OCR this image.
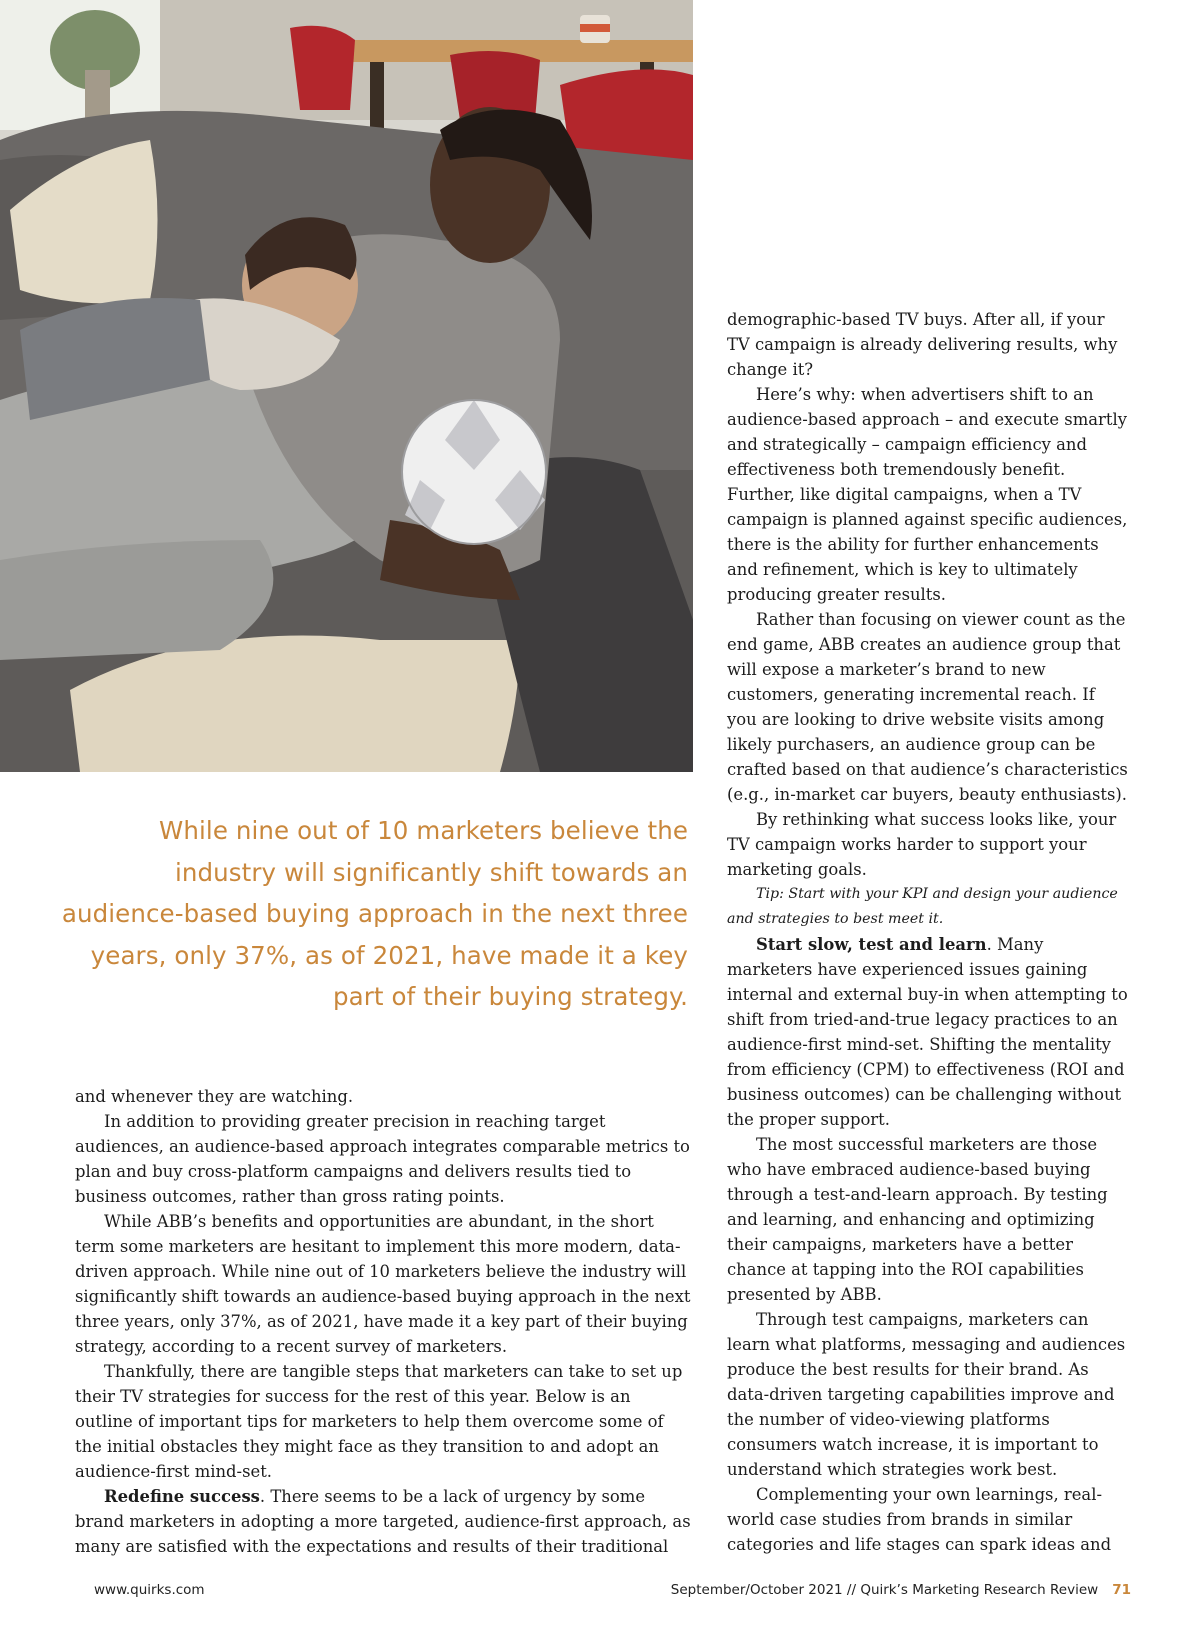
While nine out of 10 marketers believe the industry will significantly shift towards an audience-based buying approach in the next three years, only 37%, as of 2021, have made it a key part of their buying strategy.

and whenever they are watching.

In addition to providing greater precision in reaching target audiences, an audience-based approach integrates comparable metrics to plan and buy cross-platform campaigns and delivers results tied to business outcomes, rather than gross rating points.

While ABB’s benefits and opportunities are abundant, in the short term some marketers are hesitant to implement this more modern, data-driven approach. While nine out of 10 marketers believe the industry will significantly shift towards an audience-based buying approach in the next three years, only 37%, as of 2021, have made it a key part of their buying strategy, according to a recent survey of marketers.

Thankfully, there are tangible steps that marketers can take to set up their TV strategies for success for the rest of this year. Below is an outline of important tips for marketers to help them overcome some of the initial obstacles they might face as they transition to and adopt an audience-first mind-set.

Redefine success. There seems to be a lack of urgency by some brand marketers in adopting a more targeted, audience-first approach, as many are satisfied with the expectations and results of their traditional

demographic-based TV buys. After all, if your TV campaign is already delivering results, why change it?

Here’s why: when advertisers shift to an audience-based approach – and execute smartly and strategically – campaign efficiency and effectiveness both tremendously benefit. Further, like digital campaigns, when a TV campaign is planned against specific audiences, there is the ability for further enhancements and refinement, which is key to ultimately producing greater results.

Rather than focusing on viewer count as the end game, ABB creates an audience group that will expose a marketer’s brand to new customers, generating incremental reach. If you are looking to drive website visits among likely purchasers, an audience group can be crafted based on that audience’s characteristics (e.g., in-market car buyers, beauty enthusiasts).

By rethinking what success looks like, your TV campaign works harder to support your marketing goals.

Tip: Start with your KPI and design your audience and strategies to best meet it.

Start slow, test and learn. Many marketers have experienced issues gaining internal and external buy-in when attempting to shift from tried-and-true legacy practices to an audience-first mind-set. Shifting the mentality from efficiency (CPM) to effectiveness (ROI and business outcomes) can be challenging without the proper support.

The most successful marketers are those who have embraced audience-based buying through a test-and-learn approach. By testing and learning, and enhancing and optimizing their campaigns, marketers have a better chance at tapping into the ROI capabilities presented by ABB.

Through test campaigns, marketers can learn what platforms, messaging and audiences produce the best results for their brand. As data-driven targeting capabilities improve and the number of video-viewing platforms consumers watch increase, it is important to understand which strategies work best.

Complementing your own learnings, real-world case studies from brands in similar categories and life stages can spark ideas and

www.quirks.com	September/October 2021 // Quirk’s Marketing Research Review 71
